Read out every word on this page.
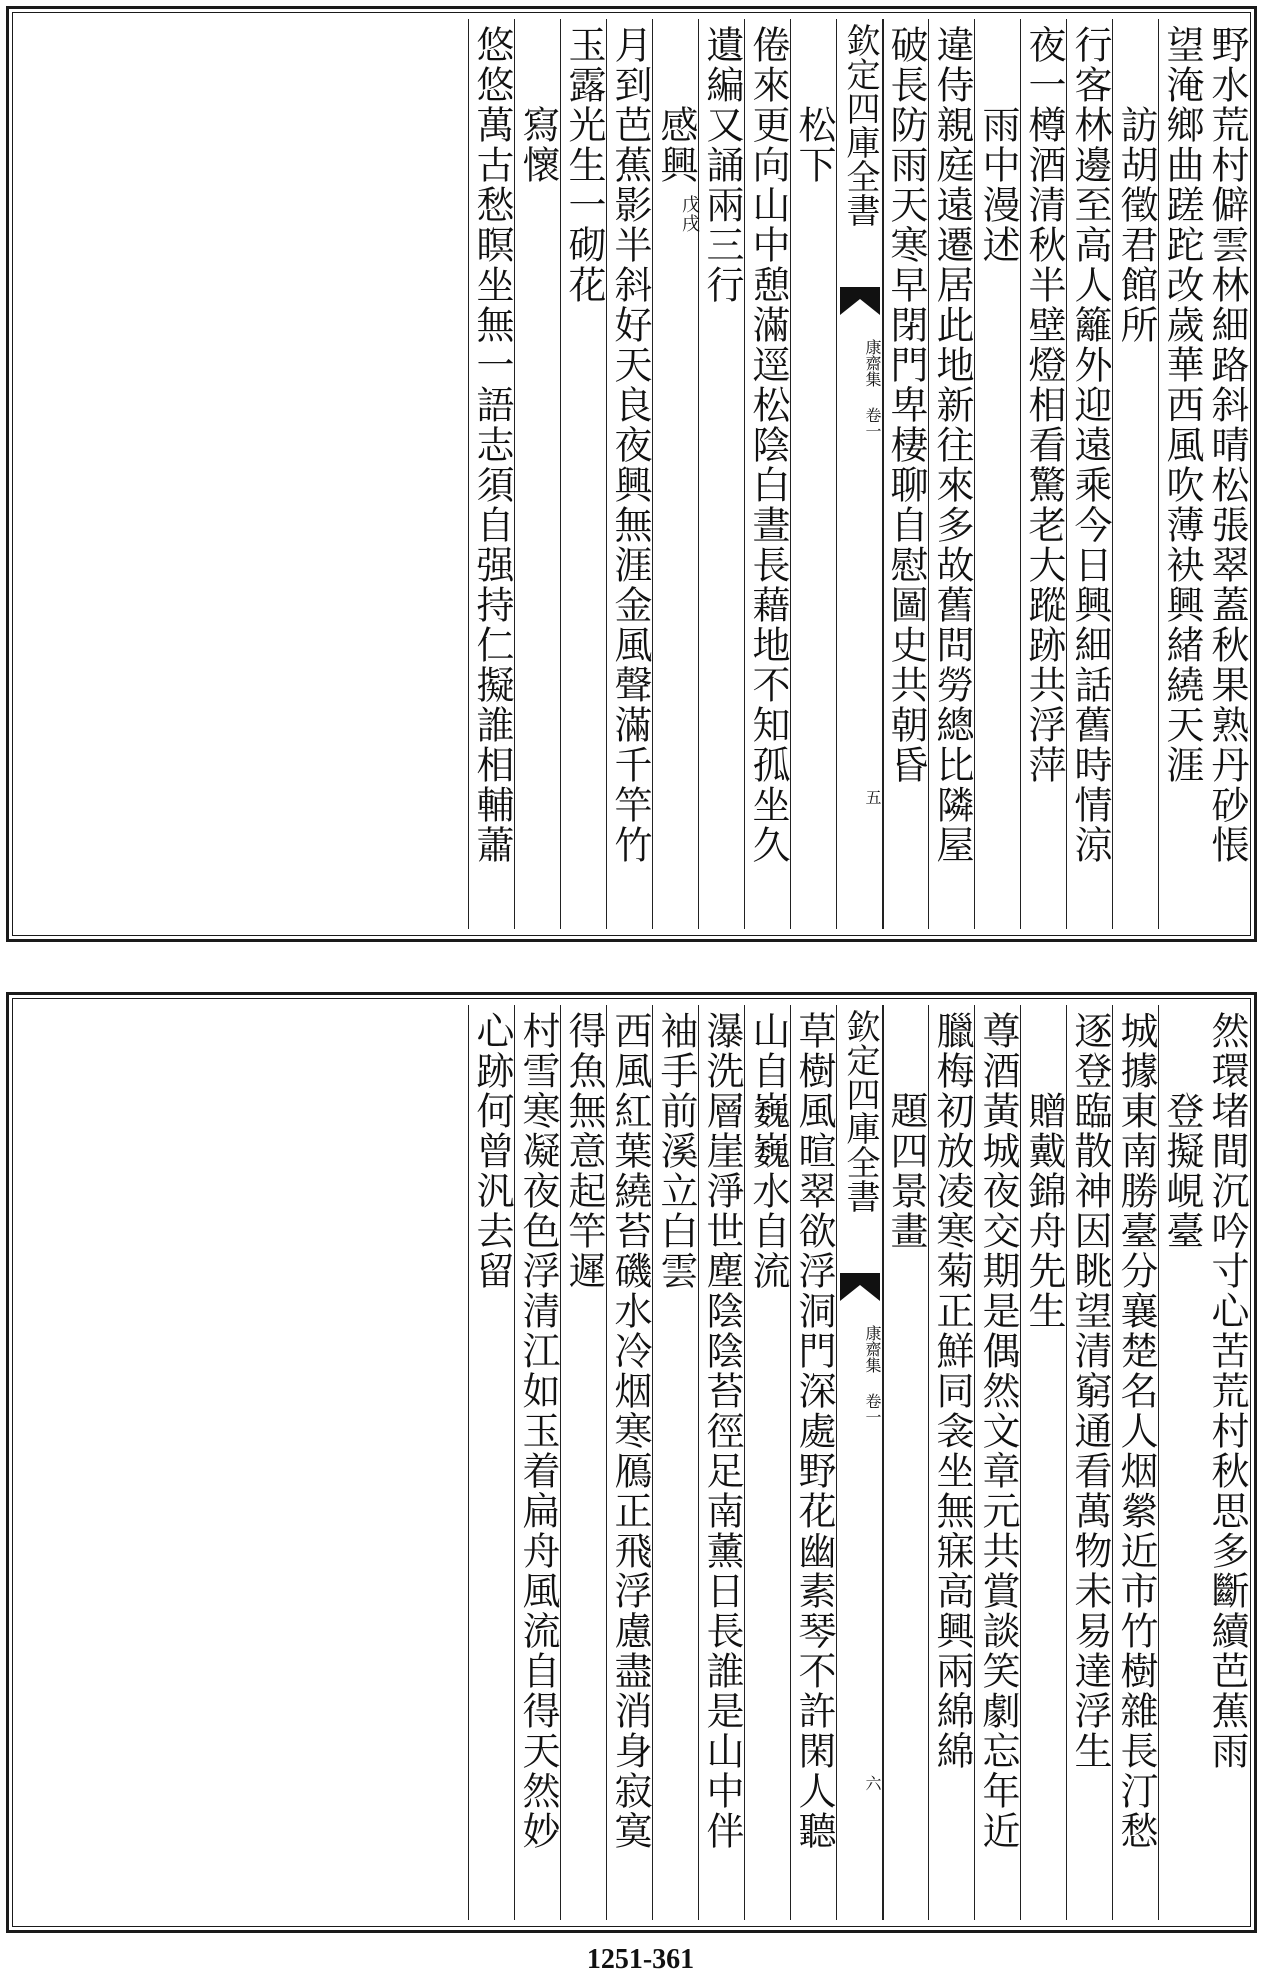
野水荒村僻雲林細路斜晴松張翠蓋秋果熟丹砂悵
望淹鄉曲蹉跎改歲華西風吹薄袂興緒繞天涯
訪胡徵君館所
行客林邊至高人籬外迎遠乘今日興細話舊時情涼
夜一樽酒清秋半壁燈相看驚老大蹤跡共浮萍
雨中漫述
違侍親庭遠遷居此地新往來多故舊問勞總比隣屋
破長防雨天寒早閉門卑棲聊自慰圖史共朝昏
欽定四庫全書
康齋集
卷一
五
松下
倦來更向山中憩滿逕松陰白晝長藉地不知孤坐久
遺編又誦兩三行
感興
戊戌
月到芭蕉影半斜好天良夜興無涯金風聲滿千竿竹
玉露光生一砌花
寫懷
悠悠萬古愁瞑坐無一語志須自强持仁擬誰相輔蕭
然環堵間沉吟寸心苦荒村秋思多斷續芭蕉雨
登擬峴臺
城據東南勝臺分襄楚名人烟縈近市竹樹雜長汀愁
逐登臨散神因眺望清窮通看萬物未易達浮生
贈戴錦舟先生
尊酒黃城夜交期是偶然文章元共賞談笑劇忘年近
臘梅初放凌寒菊正鮮同衾坐無寐高興兩綿綿
題四景畫
欽定四庫全書
康齋集
卷一
六
草樹風暄翠欲浮洞門深處野花幽素琴不許閑人聽
山自巍巍水自流
瀑洗層崖淨世塵陰陰苔徑足南薰日長誰是山中伴
袖手前溪立白雲
西風紅葉繞苔磯水冷烟寒鴈正飛浮慮盡消身寂寞
得魚無意起竿遲
村雪寒凝夜色浮清江如玉着扁舟風流自得天然妙
心跡何曾汎去留
1251-361
